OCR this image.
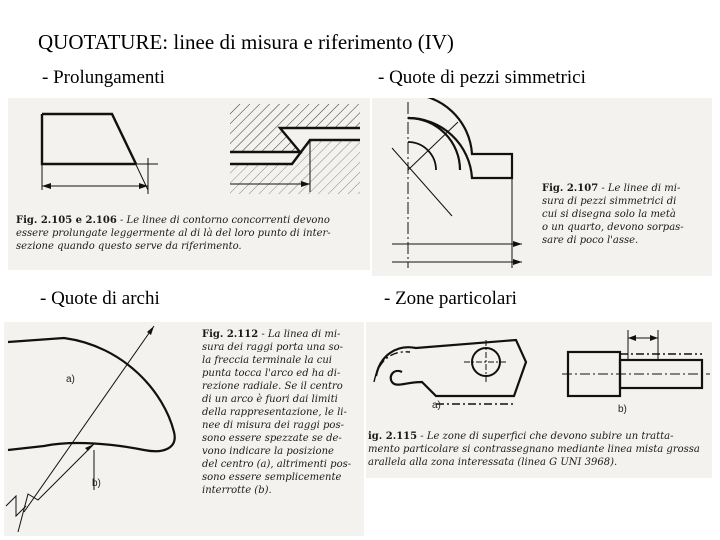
QUOTATURE: linee di misura e riferimento (IV)
- Prolungamenti	- Quote di pezzi simmetrici
- Quote di archi	- Zone particolari
Fig. 2.105 e 2.106 - Le linee di contorno concorrenti devono
essere prolungate leggermente al di là del loro punto di inter-
sezione quando questo serve da riferimento.
Fig. 2.107 - Le linee di mi-
sura di pezzi simmetrici di
cui si disegna solo la metà
o un quarto, devono sorpas-
sare di poco l'asse.
a)
b)
Fig. 2.112 - La linea di mi-
sura dei raggi porta una so-
la freccia terminale la cui
punta tocca l'arco ed ha di-
rezione radiale. Se il centro
di un arco è fuori dai limiti
della rappresentazione, le li-
nee di misura dei raggi pos-
sono essere spezzate se de-
vono indicare la posizione
del centro (a), altrimenti pos-
sono essere semplicemente
interrotte (b).
a)	b)
ig. 2.115 - Le zone di superfici che devono subire un tratta-
mento particolare si contrassegnano mediante linea mista grossa
arallela alla zona interessata (linea G UNI 3968).
